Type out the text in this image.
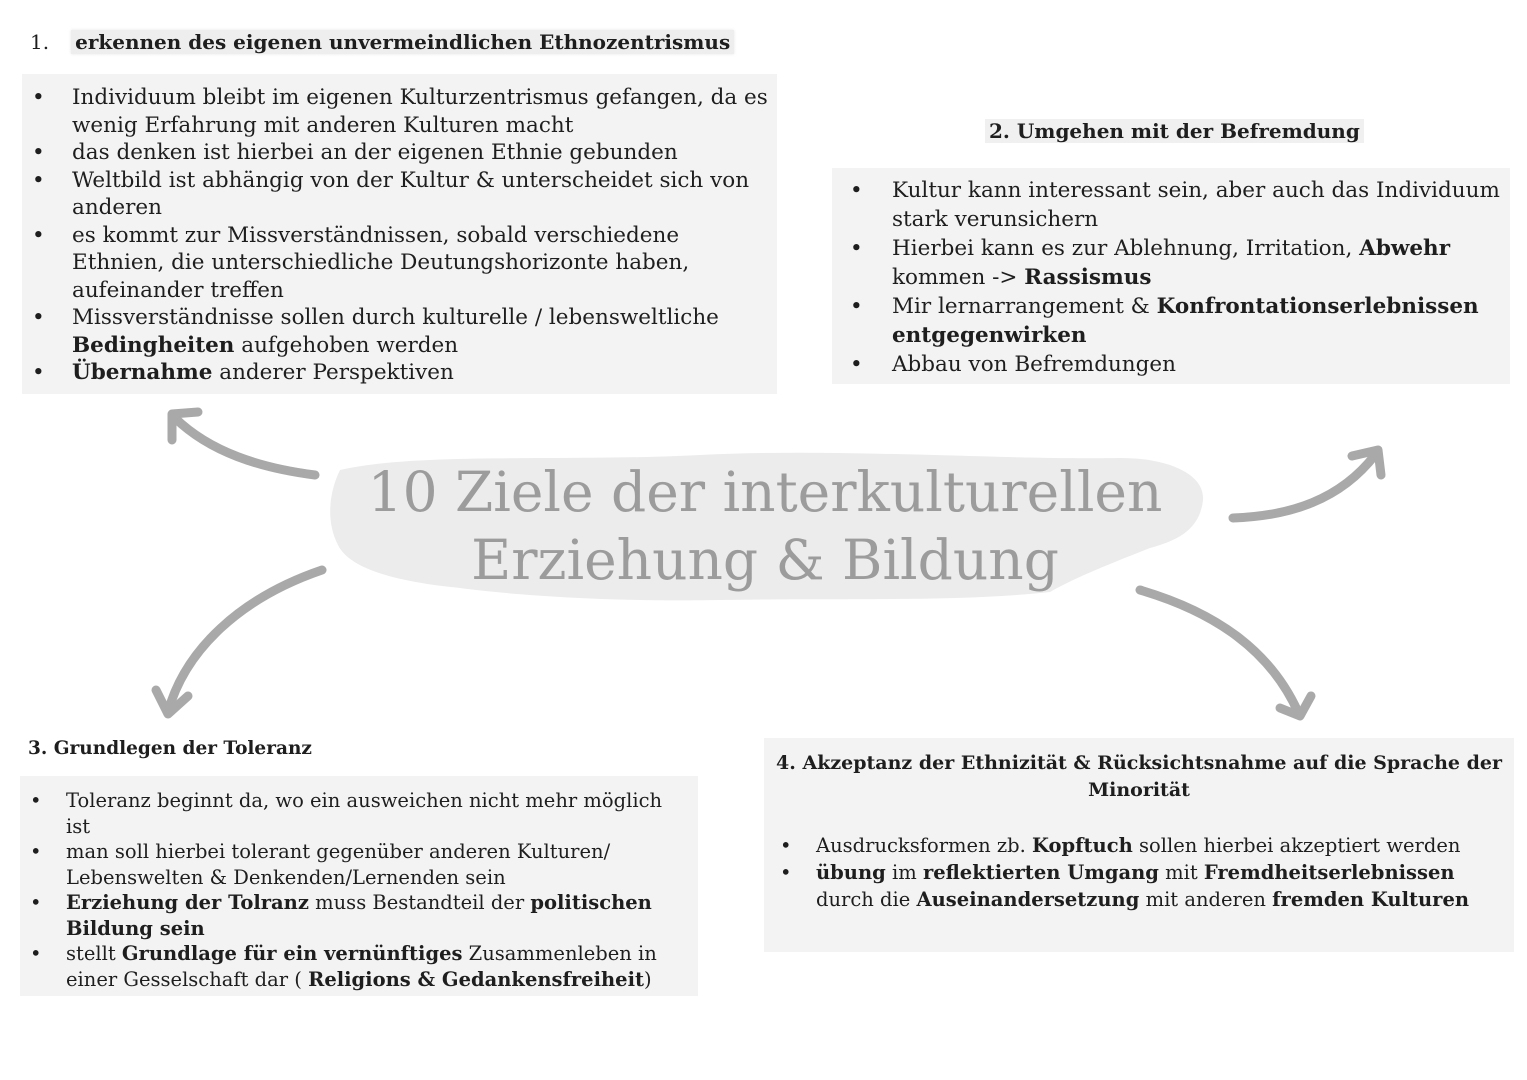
10 Ziele der interkulturellen
Erziehung & Bildung
1. erkennen des eigenen unvermeindlichen Ethnozentrismus
• Individuum bleibt im eigenen Kulturzentrismus gefangen, da es wenig Erfahrung mit anderen Kulturen macht
• das denken ist hierbei an der eigenen Ethnie gebunden
• Weltbild ist abhängig von der Kultur & unterscheidet sich von anderen
• es kommt zur Missverständnissen, sobald verschiedene Ethnien, die unterschiedliche Deutungshorizonte haben, aufeinander treffen
• Missverständnisse sollen durch kulturelle / lebensweltliche Bedingheiten aufgehoben werden
• Übernahme anderer Perspektiven
2. Umgehen mit der Befremdung
• Kultur kann interessant sein, aber auch das Individuum stark verunsichern
• Hierbei kann es zur Ablehnung, Irritation, Abwehr kommen -> Rassismus
• Mir lernarrangement & Konfrontationserlebnissen entgegenwirken
• Abbau von Befremdungen
3. Grundlegen der Toleranz
• Toleranz beginnt da, wo ein ausweichen nicht mehr möglich ist
• man soll hierbei tolerant gegenüber anderen Kulturen/ Lebenswelten & Denkenden/Lernenden sein
• Erziehung der Tolranz muss Bestandteil der politischen Bildung sein
• stellt Grundlage für ein vernünftiges Zusammenleben in einer Gesselschaft dar ( Religions & Gedankensfreiheit)
• Ausdrucksformen zb. Kopftuch sollen hierbei akzeptiert werden
• übung im reflektierten Umgang mit Fremdheitserlebnissen durch die Auseinandersetzung mit anderen fremden Kulturen
4. Akzeptanz der Ethnizität & Rücksichtsnahme auf die Sprache der Minorität
